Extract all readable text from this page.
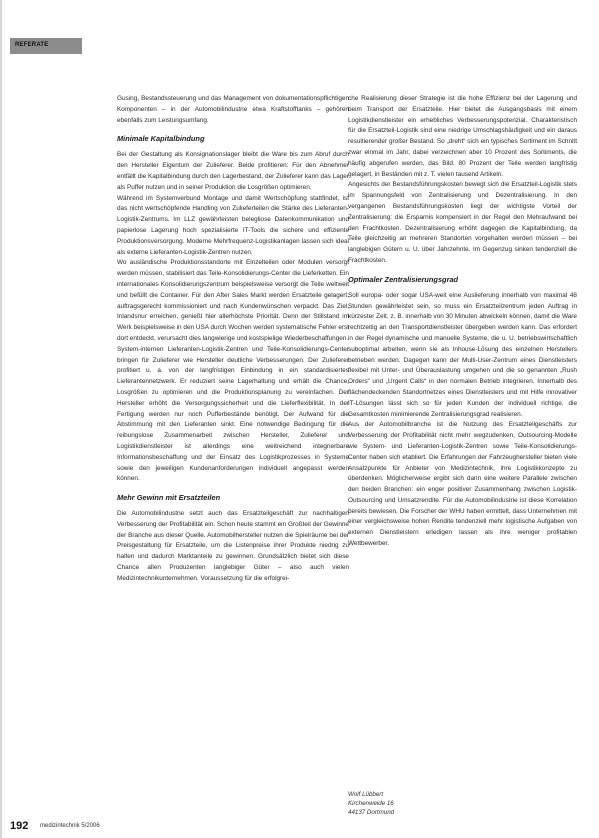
REFERATE

Gusing, Bestandssteuerung und das Management von dokumentationspflichtigen Komponenten – in der Automobilindustrie etwa Kraftstofftanks – gehören ebenfalls zum Leistungsumfang.

Minimale Kapitalbindung

Bei der Gestaltung als Konsignationslager bleibt die Ware bis zum Abruf durch den Hersteller Eigentum der Zulieferer. Beide profitieren: Für den Abnehmer entfällt die Kapitalbindung durch den Lagerbestand, der Zulieferer kann das Lager als Puffer nutzen und in seiner Produktion die Losgrößen optimieren.

Während im Systemverbund Montage und damit Wertschöpfung stattfindet, ist das nicht wertschöpfende Handling von Zulieferteilen die Stärke des Lieferanten-Logistik-Zentrums. Im LLZ gewährleisten belegliose Datenkommunikation und papierlose Lagerung hoch spezialisierte IT-Tools die sichere und effiziente Produktionsversorgung. Moderne Mehrfrequenz-Logistikanlagen lassen sich ideal als externe Lieferanten-Logistik-Zentren nutzen.

Wo ausländische Produktionsstandorte mit Einzelteilen oder Modulen versorgt werden müssen, stabilisiert das Teile-Konsolidierungs-Center die Lieferketten. Ein internationales Konsolidierungszentrum beispielsweise versorgt die Teile weltweit und befüllt die Container. Für den After Sales Markt werden Ersatzteile gelagert, auftragsgerecht kommissioniert und nach Kundenwünschen verpackt. Das Ziel, Inlandsnur erreichen, genießt hier allerhöchste Priorität. Denn der Stillstand im Werk beispielsweise in den USA durch Wochen werden systematische Fehler erst dort entdeckt, verursacht dies langwierige und kostspielige Wiederbeschaffungen.

System-internen Lieferanten-Logistik-Zentren und Teile-Konsolidierungs-Center bringen für Zulieferer wie Hersteller deutliche Verbesserungen. Der Zulieferer profitiert u. a. von der langfristigen Einbindung in ein standardisiertes Lieferantennetzwerk. Er reduziert seine Lagerhaltung und erhält die Chance, Losgrößen zu optimieren und die Produktionsplanung zu vereinfachen. Der Hersteller erhöht die Versorgungssicherheit und die Lieferflexibilität. In der Fertigung werden nur noch Pufferbestände benötigt. Der Aufwand für die Abstimmung mit den Lieferanten sinkt. Eine notwendige Bedingung für die reibungslose Zusammenarbeit zwischen Hersteller, Zulieferer und Logistikdienstleister ist allerdings eine weitreichend integrierbare Informationsbeschaffung und der Einsatz des Logistikprozesses in Systeme sowie den jeweiligen Kundenanforderungen individuell angepasst werden können.

Mehr Gewinn mit Ersatzteilen

Die Automobilindustrie setzt auch das Ersatzteilgeschäft zur nachhaltigen Verbesserung der Profitabilität ein. Schon heute stammt ein Großteil der Gewinne der Branche aus dieser Quelle. Automobilhersteller nutzen die Spielräume bei der Preisgestaltung für Ersatzteile, um die Listenpreise ihrer Produkte niedrig zu halten und dadurch Marktanteile zu gewinnen. Grundsätzlich bietet sich diese Chance allen Produzenten langlebiger Güter – also auch vielen Medizintechnikunternehmen. Voraussetzung für die erfolgrei-

che Realisierung dieser Strategie ist die hohe Effizienz bei der Lagerung und beim Transport der Ersatzteile. Hier bietet die Ausgangsbasis mit einem Logistikdienstleister ein erhebliches Verbesserungspotenzial. Charakteristisch für die Ersatzteil-Logistik sind eine niedrige Umschlagshäufigkeit und ein daraus resultierender großer Bestand. So „dreht“ sich ein typisches Sortiment im Schnitt zwar einmal im Jahr, dabei verzeichnen aber 10 Prozent des Sortiments, die häufig abgerufen werden, das Bild. 80 Prozent der Teile werden langfristig gelagert, in Beständen mit z. T. vielen tausend Artikeln.

Angesichts der Bestandsführungskosten bewegt sich die Ersatzteil-Logistik stets im Spannungsfeld von Zentralisierung und Dezentralisierung. In den vergangenen Bestandsführungskosten liegt der wichtigste Vorteil der Zentralisierung: die Ersparnis kompensiert in der Regel den Mehraufwand bei den Frachtkosten. Dezentralisierung erhöht dagegen die Kapitalbindung, da Teile gleichzeitig an mehreren Standorten vorgehalten werden müssen – bei langlebigen Gütern u. U. über Jahrzehnte. Im Gegenzug sinken tendenziell die Frachtkosten.

Optimaler Zentralisierungsgrad

Soll europa- oder sogar USA-weit eine Auslieferung innerhalb von maximal 48 Stunden gewährleistet sein, so muss ein Ersatzteilzentrum jeden Auftrag in kürzester Zeit, z. B. innerhalb von 30 Minuten abwickeln können, damit die Ware rechtzeitig an den Transportdienstleister übergeben werden kann. Das erfordert in der Regel dynamische und manuelle Systeme, die u. U. betriebswirtschaftlich suboptimal arbeiten, wenn sie als Inhouse-Lösung des einzelnen Herstellers betrieben werden. Dagegen kann der Multi-User-Zentrum eines Dienstleisters flexibel mit Unter- und Überauslastung umgehen und die so genannten „Rush Orders“ und „Urgent Calls“ in den normalen Betrieb integrieren. Innerhalb des flächendeckenden Standortnetzes eines Dienstleisters und mit Hilfe innovativer IT-Lösungen lässt sich so für jeden Kunden der individuell richtige, die Gesamtkosten minimierende Zentralisierungsgrad realisieren.

Aus der Automobilbranche ist die Nutzung des Ersatzteilgeschäfts zur Verbesserung der Profitabilität nicht mehr wegzudenken, Outsourcing-Modelle wie System- und Lieferanten-Logistik-Zentren sowie Teile-Konsolidierungs-Center haben sich etabliert. Die Erfahrungen der Fahrzeughersteller bieten viele Ansatzpunkte für Anbieter von Medizintechnik, ihre Logistikkonzepte zu überdenken. Möglicherweise ergibt sich dann eine weitere Parallele zwischen den beiden Branchen: ein enger positiver Zusammenhang zwischen Logistik-Outsourcing und Umsatzrendite. Für die Automobilindustrie ist diese Korrelation bereits bewiesen. Die Forscher der WHU haben ermittelt, dass Unternehmen mit einer vergleichsweise hohen Rendite tendenziell mehr logistische Aufgaben von externen Dienstleistern erledigen lassen als ihre weniger profitablen Wettbewerber.

Wolf Lübbert
Kirchenweide 16
44137 Dortmund
192 medizintechnik 5/2006
